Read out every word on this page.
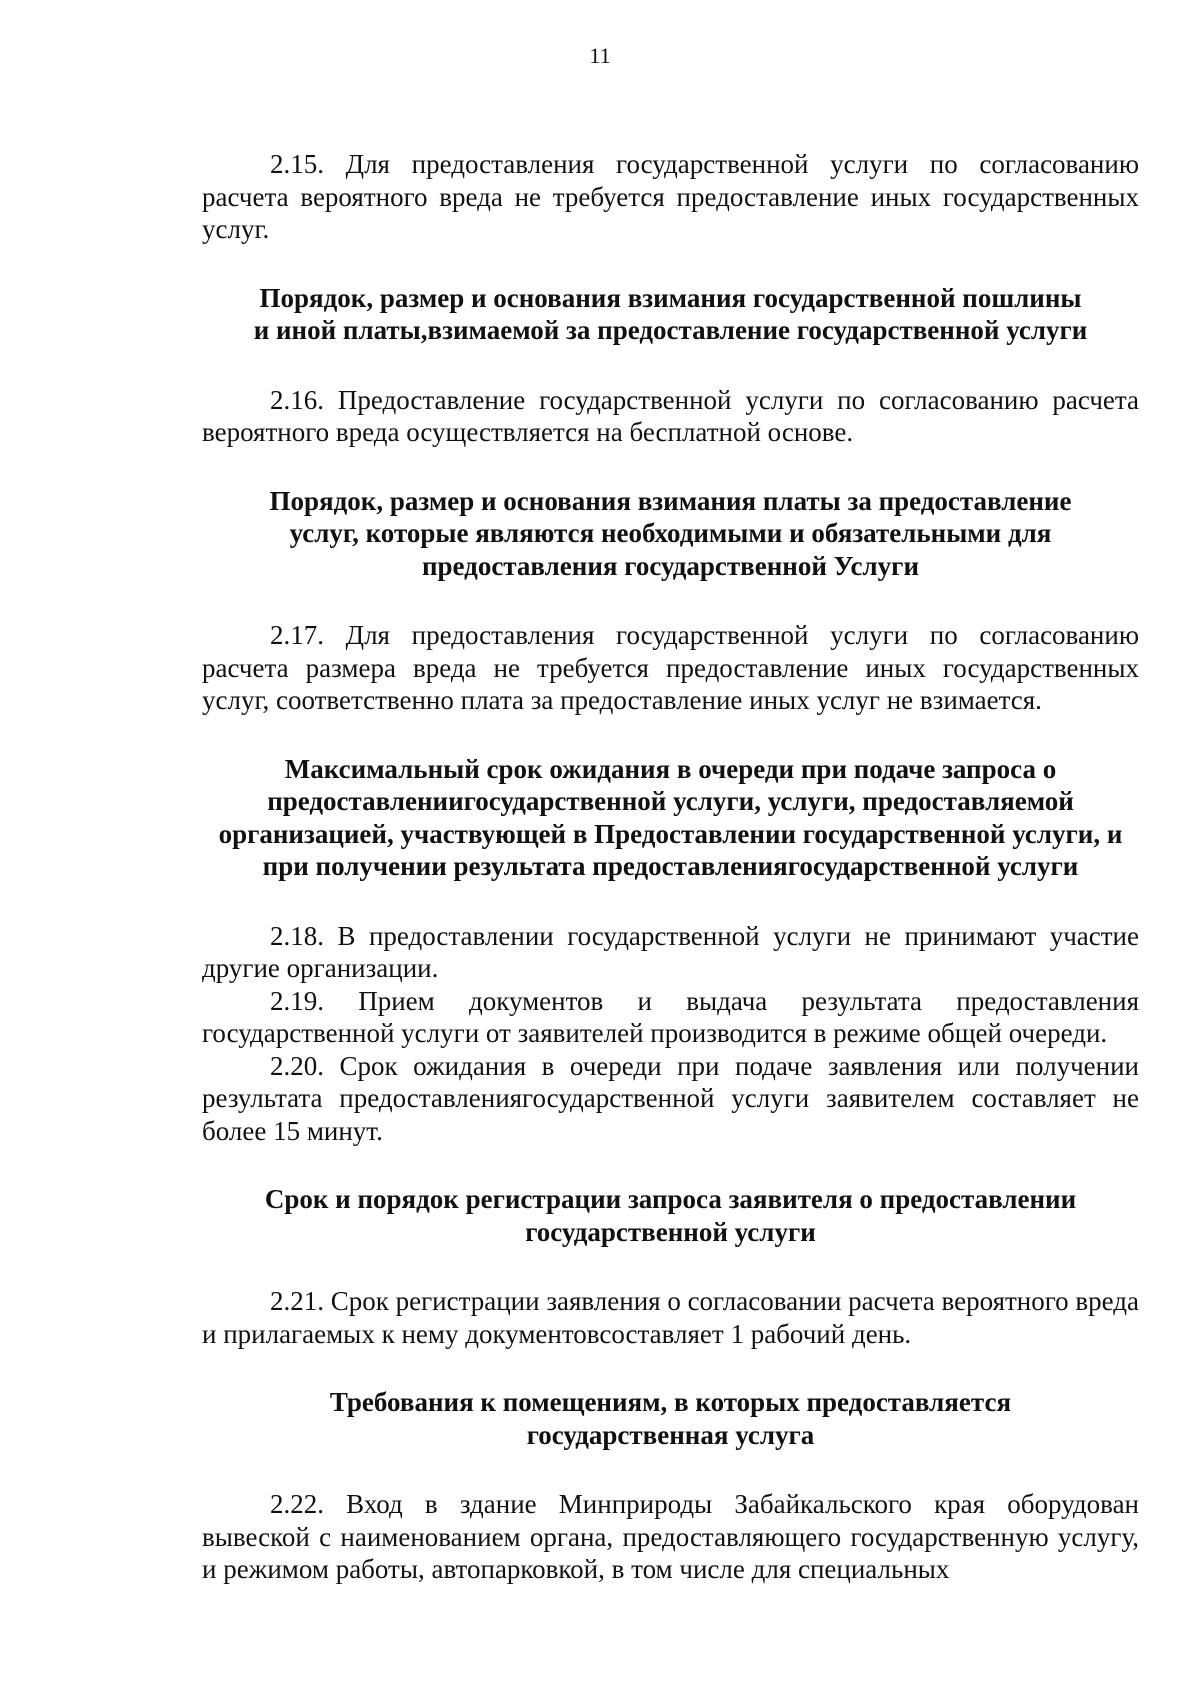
11

2.15. Для предоставления государственной услуги по согласованию расчета вероятного вреда не требуется предоставление иных государственных услуг.

Порядок, размер и основания взимания государственной пошлины
и иной платы,взимаемой за предоставление государственной услуги

2.16. Предоставление государственной услуги по согласованию расчета вероятного вреда осуществляется на бесплатной основе.

Порядок, размер и основания взимания платы за предоставление
услуг, которые являются необходимыми и обязательными для
предоставления государственной Услуги

2.17. Для предоставления государственной услуги по согласованию расчета размера вреда не требуется предоставление иных государственных услуг, соответственно плата за предоставление иных услуг не взимается.

Максимальный срок ожидания в очереди при подаче запроса о
предоставлениигосударственной услуги, услуги, предоставляемой
организацией, участвующей в Предоставлении государственной услуги, и
при получении результата предоставлениягосударственной услуги

2.18. В предоставлении государственной услуги не принимают участие другие организации.

2.19. Прием документов и выдача результата предоставления государственной услуги от заявителей производится в режиме общей очереди.

2.20. Срок ожидания в очереди при подаче заявления или получении результата предоставлениягосударственной услуги заявителем составляет не более 15 минут.

Срок и порядок регистрации запроса заявителя о предоставлении
государственной услуги

2.21. Срок регистрации заявления о согласовании расчета вероятного вреда и прилагаемых к нему документовсоставляет 1 рабочий день.

Требования к помещениям, в которых предоставляется
государственная услуга

2.22. Вход в здание Минприроды Забайкальского края оборудован вывеской с наименованием органа, предоставляющего государственную услугу, и режимом работы, автопарковкой, в том числе для специальных
